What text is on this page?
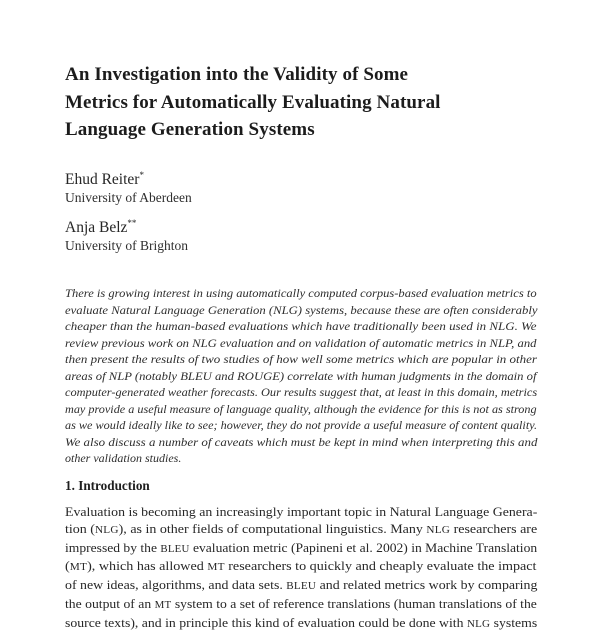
An Investigation into the Validity of Some
Metrics for Automatically Evaluating Natural
Language Generation Systems
Ehud Reiter*
University of Aberdeen
Anja Belz**
University of Brighton
There is growing interest in using automatically computed corpus-based evaluation metrics to
evaluate Natural Language Generation (NLG) systems, because these are often considerably
cheaper than the human-based evaluations which have traditionally been used in NLG. We
review previous work on NLG evaluation and on validation of automatic metrics in NLP, and
then present the results of two studies of how well some metrics which are popular in other
areas of NLP (notably BLEU and ROUGE) correlate with human judgments in the domain of
computer-generated weather forecasts. Our results suggest that, at least in this domain, metrics
may provide a useful measure of language quality, although the evidence for this is not as strong
as we would ideally like to see; however, they do not provide a useful measure of content quality.
We also discuss a number of caveats which must be kept in mind when interpreting this and
other validation studies.
1. Introduction
Evaluation is becoming an increasingly important topic in Natural Language Genera-
tion (NLG), as in other fields of computational linguistics. Many NLG researchers are
impressed by the BLEU evaluation metric (Papineni et al. 2002) in Machine Translation
(MT), which has allowed MT researchers to quickly and cheaply evaluate the impact
of new ideas, algorithms, and data sets. BLEU and related metrics work by comparing
the output of an MT system to a set of reference translations (human translations of the
source texts), and in principle this kind of evaluation could be done with NLG systems
